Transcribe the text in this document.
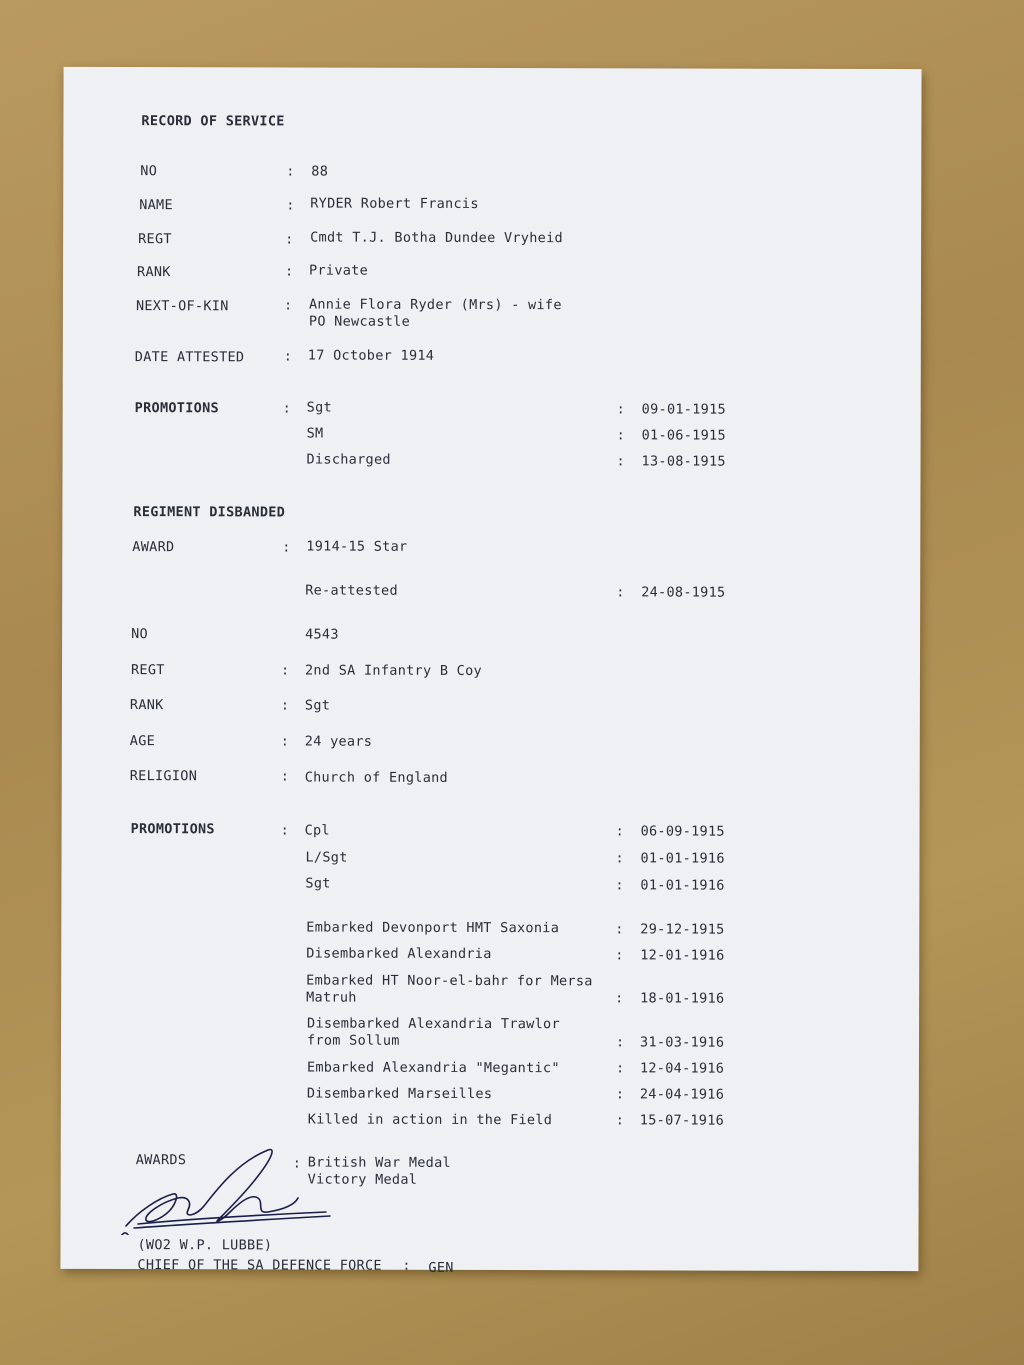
RECORD OF SERVICE
NO	: 88
NAME	: RYDER Robert Francis
REGT	: Cmdt T.J. Botha Dundee Vryheid
RANK	: Private
NEXT-OF-KIN	: Annie Flora Ryder (Mrs) - wife
PO Newcastle
DATE ATTESTED	: 17 October 1914
PROMOTIONS	: Sgt	: 09-01-1915
SM	: 01-06-1915
Discharged	: 13-08-1915
REGIMENT DISBANDED
AWARD	: 1914-15 Star
Re-attested	: 24-08-1915
NO	4543
REGT	: 2nd SA Infantry B Coy
RANK	: Sgt
AGE	: 24 years
RELIGION	: Church of England
PROMOTIONS	: Cpl	: 06-09-1915
L/Sgt	: 01-01-1916
Sgt	: 01-01-1916
Embarked Devonport HMT Saxonia	: 29-12-1915
Disembarked Alexandria	: 12-01-1916
Embarked HT Noor-el-bahr for Mersa
Matruh	: 18-01-1916
Disembarked Alexandria Trawlor
from Sollum	: 31-03-1916
Embarked Alexandria "Megantic"	: 12-04-1916
Disembarked Marseilles	: 24-04-1916
Killed in action in the Field	: 15-07-1916
AWARDS	: British War Medal
Victory Medal
(WO2 W.P. LUBBE)
CHIEF OF THE SA DEFENCE FORCE : GEN
